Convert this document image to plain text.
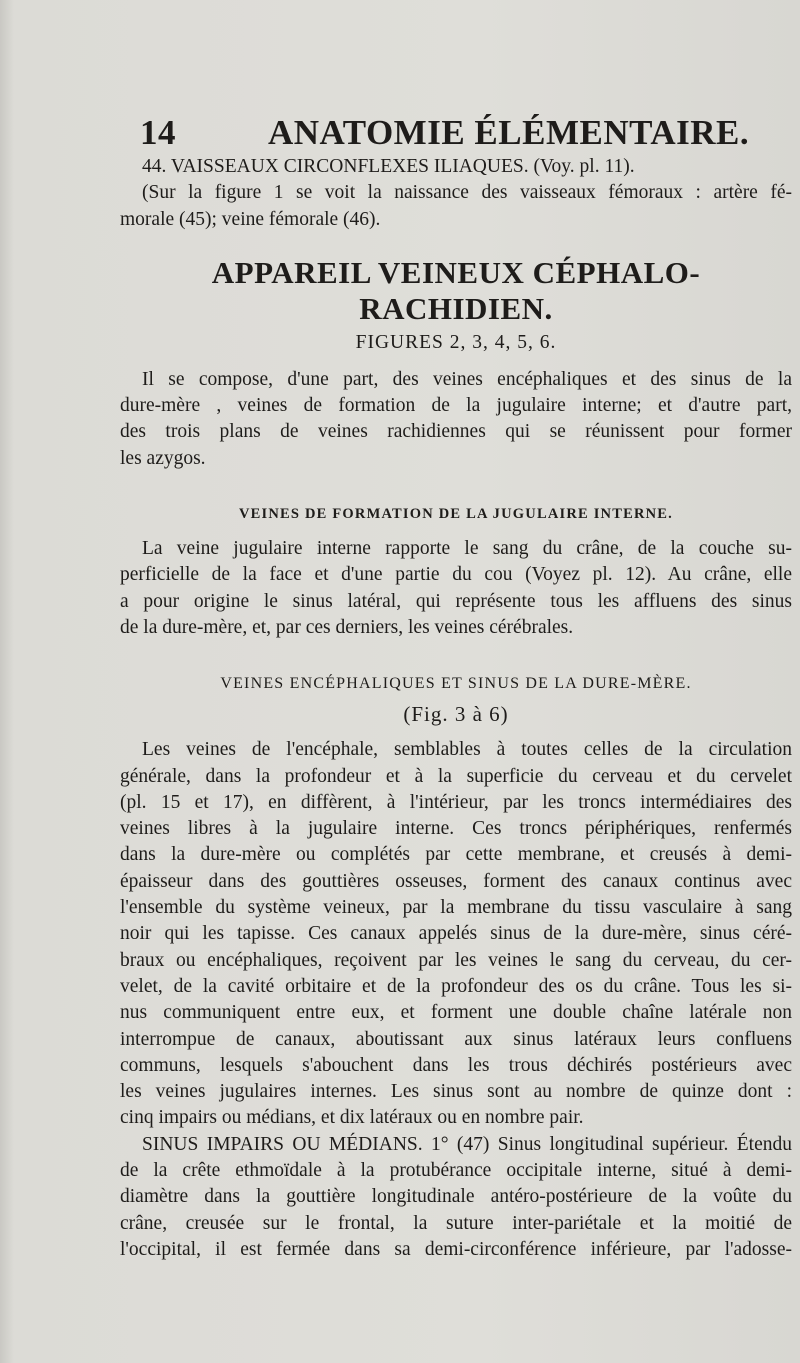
14	ANATOMIE ÉLÉMENTAIRE.
44. VAISSEAUX CIRCONFLEXES ILIAQUES. (Voy. pl. 11).
(Sur la figure 1 se voit la naissance des vaisseaux fémoraux : artère fé-
morale (45); veine fémorale (46).
APPAREIL VEINEUX CÉPHALO-RACHIDIEN.
FIGURES 2, 3, 4, 5, 6.
Il se compose, d'une part, des veines encéphaliques et des sinus de la
dure-mère , veines de formation de la jugulaire interne; et d'autre part,
des trois plans de veines rachidiennes qui se réunissent pour former
les azygos.
VEINES DE FORMATION DE LA JUGULAIRE INTERNE.
La veine jugulaire interne rapporte le sang du crâne, de la couche su-
perficielle de la face et d'une partie du cou (Voyez pl. 12). Au crâne, elle
a pour origine le sinus latéral, qui représente tous les affluens des sinus
de la dure-mère, et, par ces derniers, les veines cérébrales.
VEINES ENCÉPHALIQUES ET SINUS DE LA DURE-MÈRE.
(Fig. 3 à 6)
Les veines de l'encéphale, semblables à toutes celles de la circulation
générale, dans la profondeur et à la superficie du cerveau et du cervelet
(pl. 15 et 17), en diffèrent, à l'intérieur, par les troncs intermédiaires des
veines libres à la jugulaire interne. Ces troncs périphériques, renfermés
dans la dure-mère ou complétés par cette membrane, et creusés à demi-
épaisseur dans des gouttières osseuses, forment des canaux continus avec
l'ensemble du système veineux, par la membrane du tissu vasculaire à sang
noir qui les tapisse. Ces canaux appelés sinus de la dure-mère, sinus céré-
braux ou encéphaliques, reçoivent par les veines le sang du cerveau, du cer-
velet, de la cavité orbitaire et de la profondeur des os du crâne. Tous les si-
nus communiquent entre eux, et forment une double chaîne latérale non
interrompue de canaux, aboutissant aux sinus latéraux leurs confluens
communs, lesquels s'abouchent dans les trous déchirés postérieurs avec
les veines jugulaires internes. Les sinus sont au nombre de quinze dont :
cinq impairs ou médians, et dix latéraux ou en nombre pair.
SINUS IMPAIRS OU MÉDIANS. 1° (47) Sinus longitudinal supérieur. Étendu
de la crête ethmoïdale à la protubérance occipitale interne, situé à demi-
diamètre dans la gouttière longitudinale antéro-postérieure de la voûte du
crâne, creusée sur le frontal, la suture inter-pariétale et la moitié de
l'occipital, il est fermée dans sa demi-circonférence inférieure, par l'adosse-
